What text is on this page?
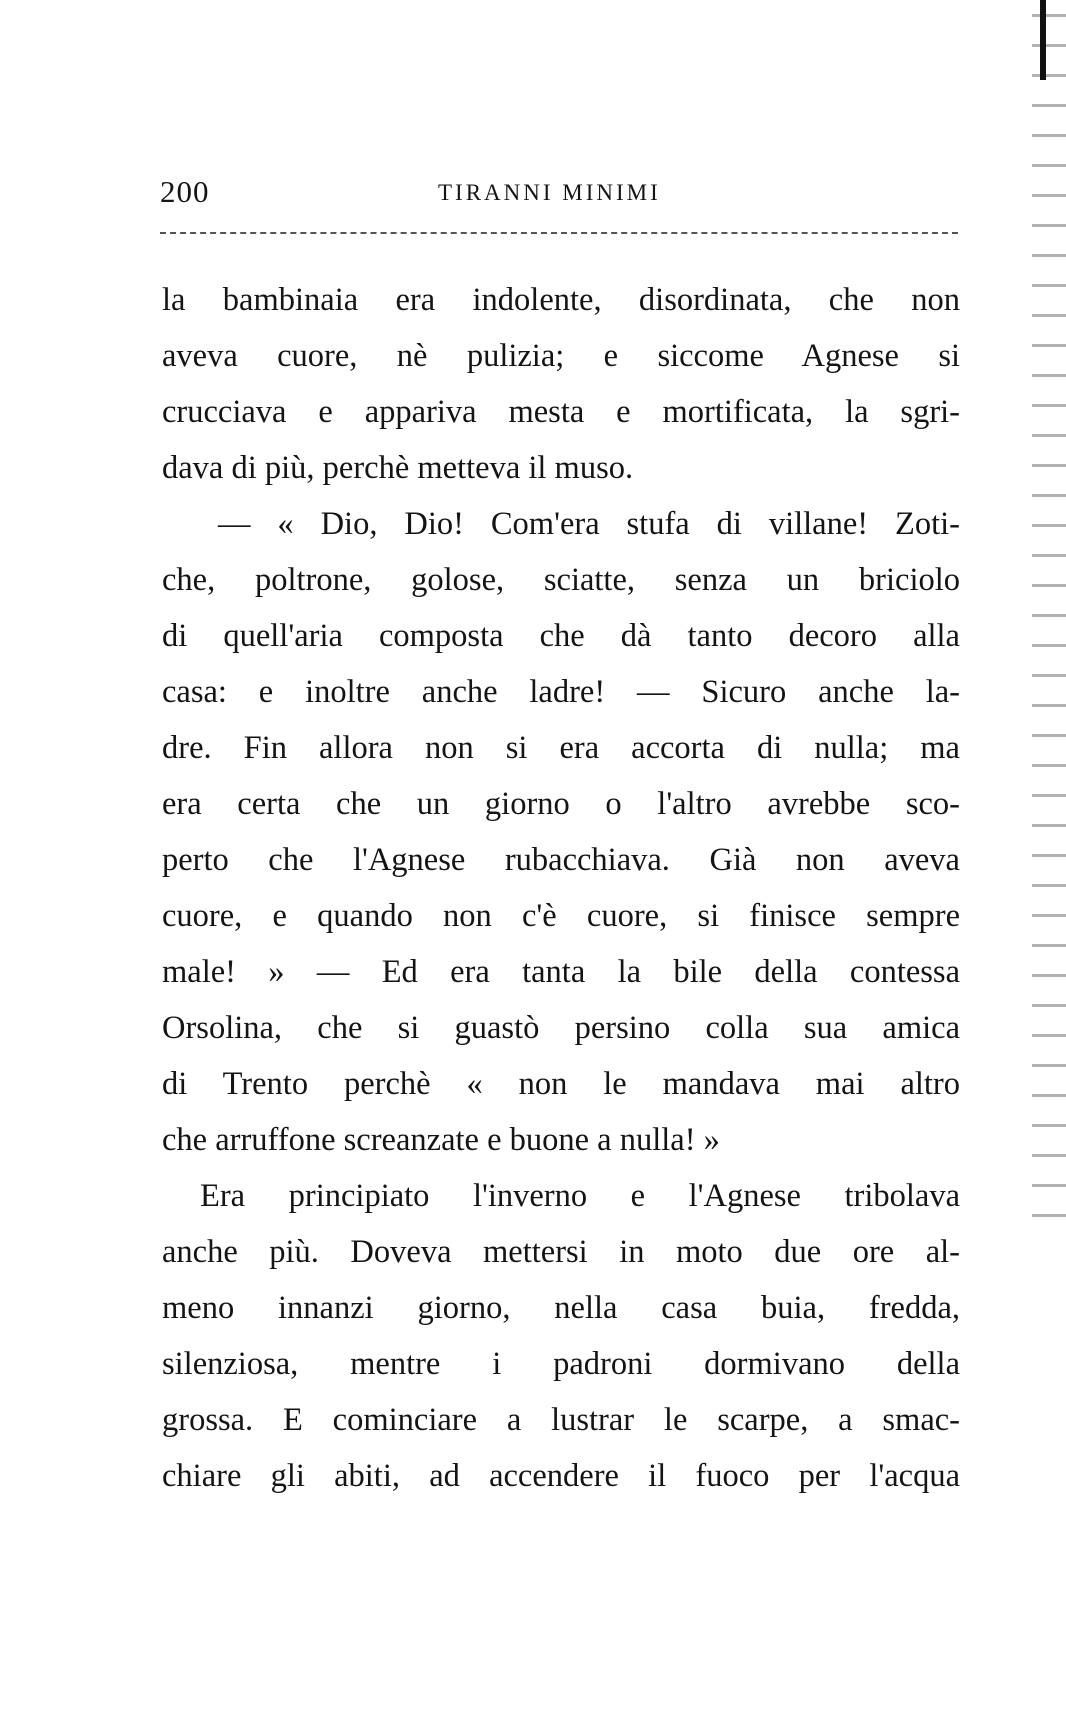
200	TIRANNI MINIMI
la bambinaia era indolente, disordinata, che non
aveva cuore, nè pulizia; e siccome Agnese si
crucciava e appariva mesta e mortificata, la sgri-
dava di più, perchè metteva il muso.
— « Dio, Dio! Com'era stufa di villane! Zoti-
che, poltrone, golose, sciatte, senza un briciolo
di quell'aria composta che dà tanto decoro alla
casa: e inoltre anche ladre! — Sicuro anche la-
dre. Fin allora non si era accorta di nulla; ma
era certa che un giorno o l'altro avrebbe sco-
perto che l'Agnese rubacchiava. Già non aveva
cuore, e quando non c'è cuore, si finisce sempre
male! » — Ed era tanta la bile della contessa
Orsolina, che si guastò persino colla sua amica
di Trento perchè « non le mandava mai altro
che arruffone screanzate e buone a nulla! »
Era principiato l'inverno e l'Agnese tribolava
anche più. Doveva mettersi in moto due ore al-
meno innanzi giorno, nella casa buia, fredda,
silenziosa, mentre i padroni dormivano della
grossa. E cominciare a lustrar le scarpe, a smac-
chiare gli abiti, ad accendere il fuoco per l'acqua
